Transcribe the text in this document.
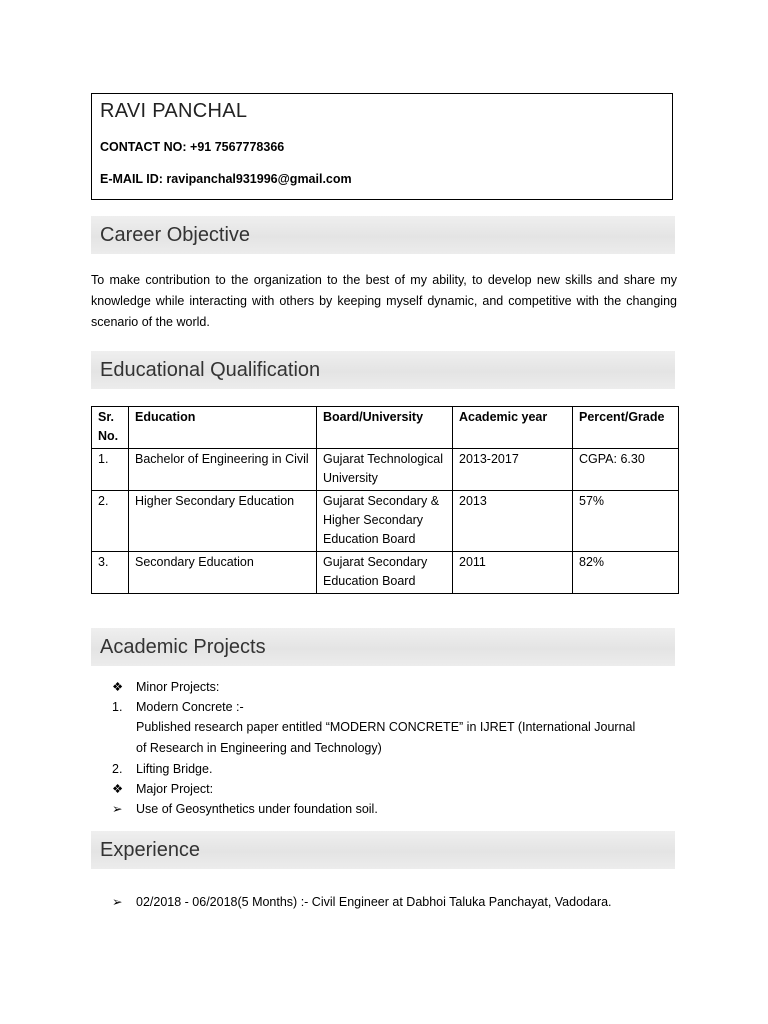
RAVI PANCHAL
CONTACT NO: +91 7567778366
E-MAIL ID: ravipanchal931996@gmail.com
Career Objective
To make contribution to the organization to the best of my ability, to develop new skills and share my knowledge while interacting with others by keeping myself dynamic, and competitive with the changing scenario of the world.
Educational Qualification
Sr. No.	Education	Board/University	Academic year	Percent/Grade
1.	Bachelor of Engineering in Civil	Gujarat Technological University	2013-2017	CGPA: 6.30
2.	Higher Secondary Education	Gujarat Secondary & Higher Secondary Education Board	2013	57%
3.	Secondary Education	Gujarat Secondary Education Board	2011	82%
Academic Projects
❖	Minor Projects:
1.	Modern Concrete :-
Published research paper entitled “MODERN CONCRETE” in IJRET (International Journal
of Research in Engineering and Technology)
2.	Lifting Bridge.
❖	Major Project:
➢	Use of Geosynthetics under foundation soil.
Experience
➢	02/2018 - 06/2018(5 Months) :- Civil Engineer at Dabhoi Taluka Panchayat, Vadodara.
